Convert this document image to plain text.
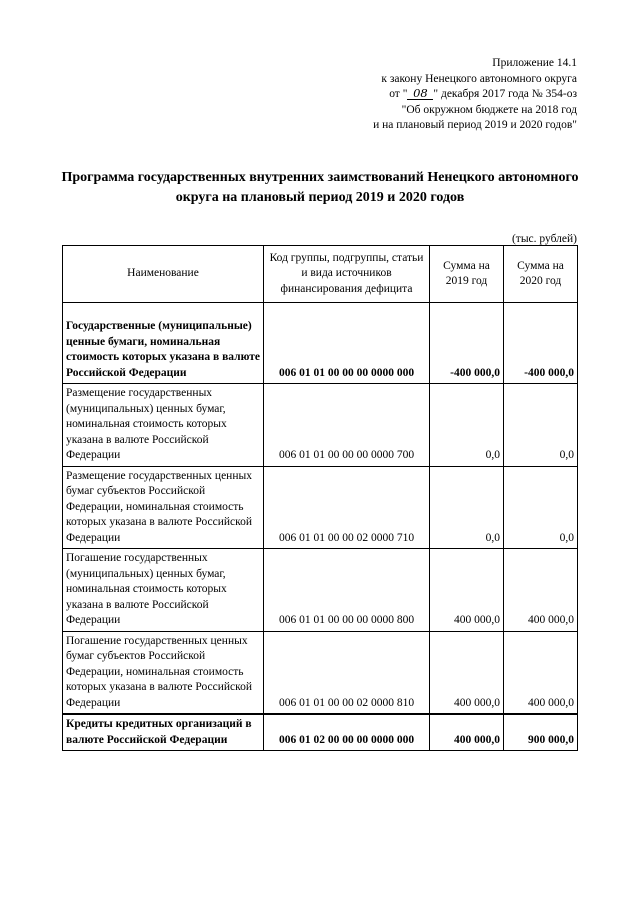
Приложение 14.1
к закону Ненецкого автономного округа
от " 08 " декабря 2017 года № 354-оз
"Об окружном бюджете на 2018 год
и на плановый период 2019 и 2020 годов"
Программа государственных внутренних заимствований Ненецкого автономного округа на плановый период 2019 и 2020 годов
(тыс. рублей)
Наименование	Код группы, подгруппы, статьи и вида источников финансирования дефицита	Сумма на 2019 год	Сумма на 2020 год
Государственные (муниципальные) ценные бумаги, номинальная стоимость которых указана в валюте Российской Федерации	006 01 01 00 00 00 0000 000	-400 000,0	-400 000,0
Размещение государственных (муниципальных) ценных бумаг, номинальная стоимость которых указана в валюте Российской Федерации	006 01 01 00 00 00 0000 700	0,0	0,0
Размещение государственных ценных бумаг субъектов Российской Федерации, номинальная стоимость которых указана в валюте Российской Федерации	006 01 01 00 00 02 0000 710	0,0	0,0
Погашение государственных (муниципальных) ценных бумаг, номинальная стоимость которых указана в валюте Российской Федерации	006 01 01 00 00 00 0000 800	400 000,0	400 000,0
Погашение государственных ценных бумаг субъектов Российской Федерации, номинальная стоимость которых указана в валюте Российской Федерации	006 01 01 00 00 02 0000 810	400 000,0	400 000,0
Кредиты кредитных организаций в валюте Российской Федерации	006 01 02 00 00 00 0000 000	400 000,0	900 000,0
